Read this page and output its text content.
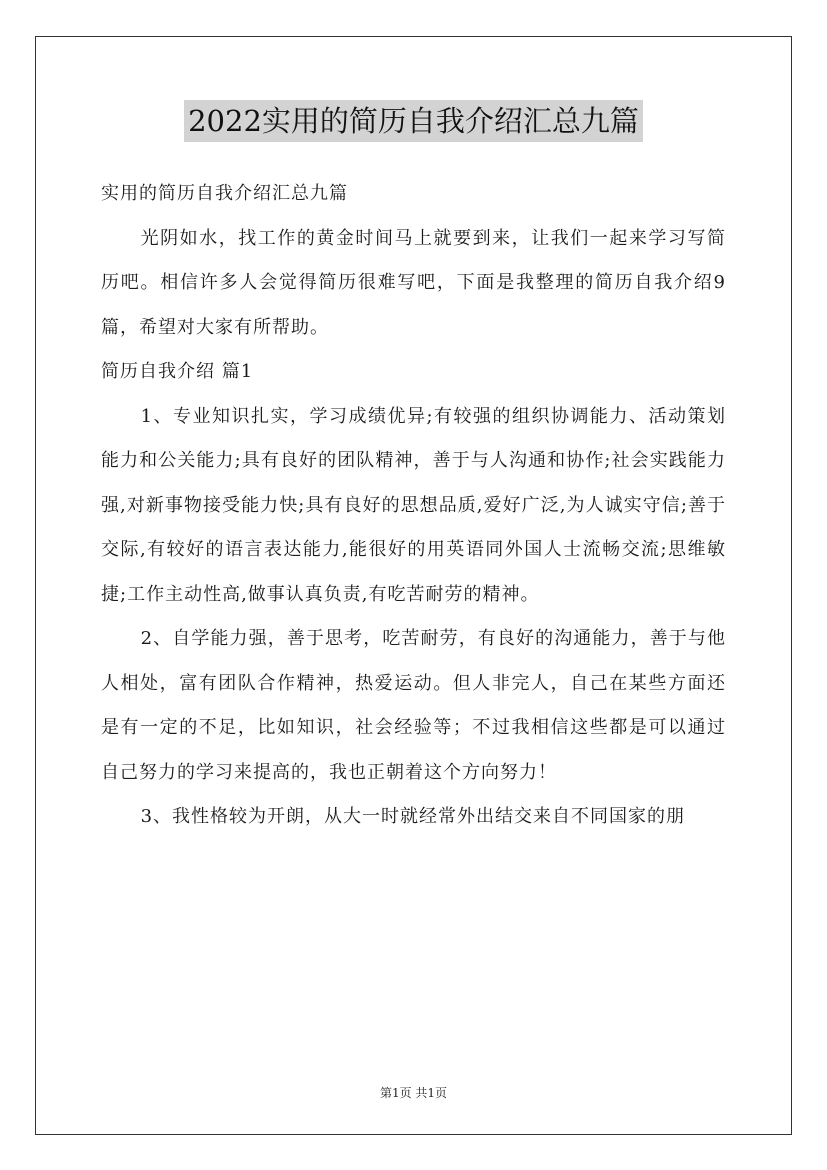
2022实用的简历自我介绍汇总九篇

实用的简历自我介绍汇总九篇

光阴如水，找工作的黄金时间马上就要到来，让我们一起来学习写简历吧。相信许多人会觉得简历很难写吧，下面是我整理的简历自我介绍9篇，希望对大家有所帮助。

简历自我介绍 篇1

1、专业知识扎实，学习成绩优异;有较强的组织协调能力、活动策划能力和公关能力;具有良好的团队精神，善于与人沟通和协作;社会实践能力强,对新事物接受能力快;具有良好的思想品质,爱好广泛,为人诚实守信;善于交际,有较好的语言表达能力,能很好的用英语同外国人士流畅交流;思维敏捷;工作主动性高,做事认真负责,有吃苦耐劳的精神。

2、自学能力强，善于思考，吃苦耐劳，有良好的沟通能力，善于与他人相处，富有团队合作精神，热爱运动。但人非完人，自己在某些方面还是有一定的不足，比如知识，社会经验等；不过我相信这些都是可以通过自己努力的学习来提高的，我也正朝着这个方向努力！

3、我性格较为开朗，从大一时就经常外出结交来自不同国家的朋

第1页 共1页
